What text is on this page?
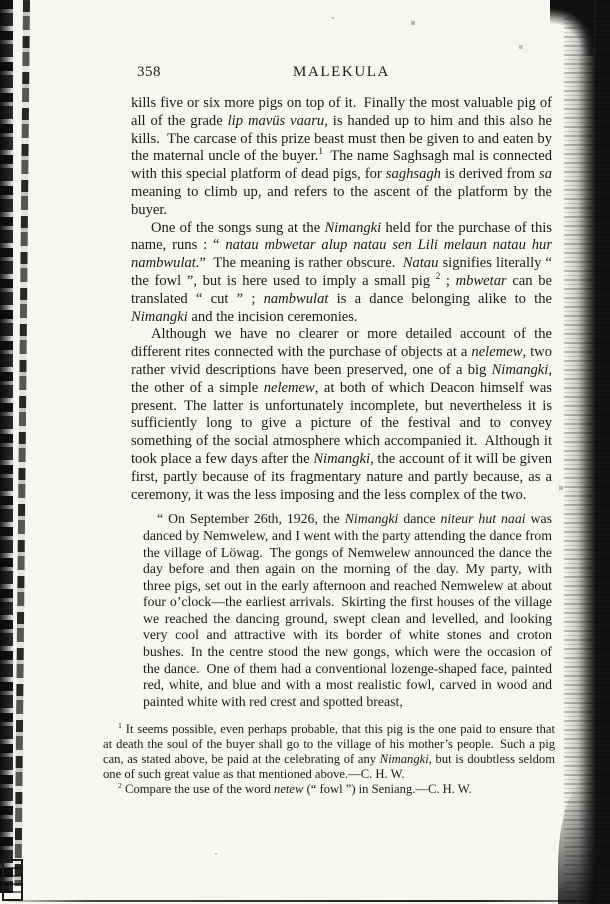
358	MALEKULA

kills five or six more pigs on top of it. Finally the most valuable pig of all of the grade lip mavüs vaaru, is handed up to him and this also he kills. The carcase of this prize beast must then be given to and eaten by the maternal uncle of the buyer.$^1$ The name Saghsagh mal is connected with this special platform of dead pigs, for saghsagh is derived from sa meaning to climb up, and refers to the ascent of the platform by the buyer.

One of the songs sung at the Nimangki held for the purchase of this name, runs : “ natau mbwetar alup natau sen Lili melaun natau hur nambwulat.” The meaning is rather obscure. Natau signifies literally “ the fowl ”, but is here used to imply a small pig $^2$ ; mbwetar can be translated “ cut ” ; nambwulat is a dance belonging alike to the Nimangki and the incision ceremonies.

Although we have no clearer or more detailed account of the different rites connected with the purchase of objects at a nelemew, two rather vivid descriptions have been preserved, one of a big Nimangki, the other of a simple nelemew, at both of which Deacon himself was present. The latter is unfortunately incomplete, but nevertheless it is sufficiently long to give a picture of the festival and to convey something of the social atmosphere which accompanied it. Although it took place a few days after the Nimangki, the account of it will be given first, partly because of its fragmentary nature and partly because, as a ceremony, it was the less imposing and the less complex of the two.

“ On September 26th, 1926, the Nimangki dance niteur hut naai was danced by Nemwelew, and I went with the party attending the dance from the village of Löwag. The gongs of Nemwelew announced the dance the day before and then again on the morning of the day. My party, with three pigs, set out in the early afternoon and reached Nemwelew at about four o’clock—the earliest arrivals. Skirting the first houses of the village we reached the dancing ground, swept clean and levelled, and looking very cool and attractive with its border of white stones and croton bushes. In the centre stood the new gongs, which were the occasion of the dance. One of them had a conventional lozenge-shaped face, painted red, white, and blue and with a most realistic fowl, carved in wood and painted white with red crest and spotted breast,

$^1$ It seems possible, even perhaps probable, that this pig is the one paid to ensure that at death the soul of the buyer shall go to the village of his mother’s people. Such a pig can, as stated above, be paid at the celebrating of any Nimangki, but is doubtless seldom one of such great value as that mentioned above.—C. H. W.

$^2$ Compare the use of the word netew (“ fowl ”) in Seniang.—C. H. W.
